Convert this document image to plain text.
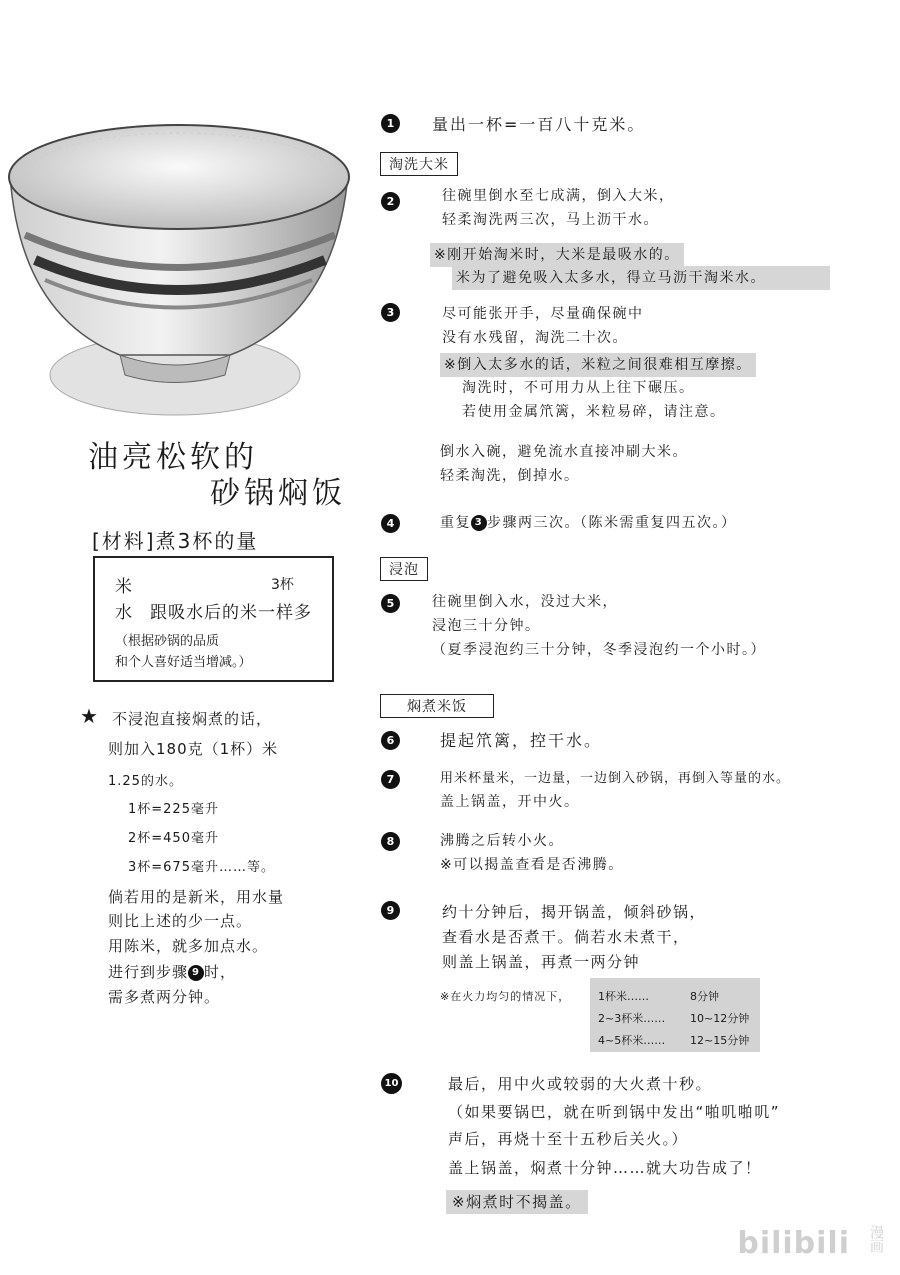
油亮松软的
砂锅焖饭
[材料]煮3杯的量
米	3杯
水 跟吸水后的米一样多
（根据砂锅的品质
和个人喜好适当增减。）
★ 不浸泡直接焖煮的话，
则加入180克（1杯）米
1.25的水。
1杯=225毫升
2杯=450毫升
3杯=675毫升……等。
倘若用的是新米，用水量
则比上述的少一点。
用陈米，就多加点水。
进行到步骤 9 时，
需多煮两分钟。
1	量出一杯=一百八十克米。
淘洗大米
2	往碗里倒水至七成满，倒入大米，
轻柔淘洗两三次，马上沥干水。
※刚开始淘米时，大米是最吸水的。
米为了避免吸入太多水，得立马沥干淘米水。
3	尽可能张开手，尽量确保碗中
没有水残留，淘洗二十次。
※倒入太多水的话，米粒之间很难相互摩擦。
淘洗时，不可用力从上往下碾压。
若使用金属笊篱，米粒易碎，请注意。
倒水入碗，避免流水直接冲刷大米。
轻柔淘洗，倒掉水。
4	重复 3 步骤两三次。（陈米需重复四五次。）
浸泡
5	往碗里倒入水，没过大米，
浸泡三十分钟。
（夏季浸泡约三十分钟，冬季浸泡约一个小时。）
焖煮米饭
6	提起笊篱，控干水。
7	用米杯量米，一边量，一边倒入砂锅，再倒入等量的水。
盖上锅盖，开中火。
8	沸腾之后转小火。
※可以揭盖查看是否沸腾。
9	约十分钟后，揭开锅盖，倾斜砂锅，
查看水是否煮干。倘若水未煮干，
则盖上锅盖，再煮一两分钟
※在火力均匀的情况下，	1杯米……	8分钟
2~3杯米…… 10~12分钟
4~5杯米…… 12~15分钟
10	最后，用中火或较弱的大火煮十秒。
（如果要锅巴，就在听到锅中发出“啪叽啪叽”
声后，再烧十至十五秒后关火。）
盖上锅盖，焖煮十分钟……就大功告成了！
※焖煮时不揭盖。
bilibili 漫画
